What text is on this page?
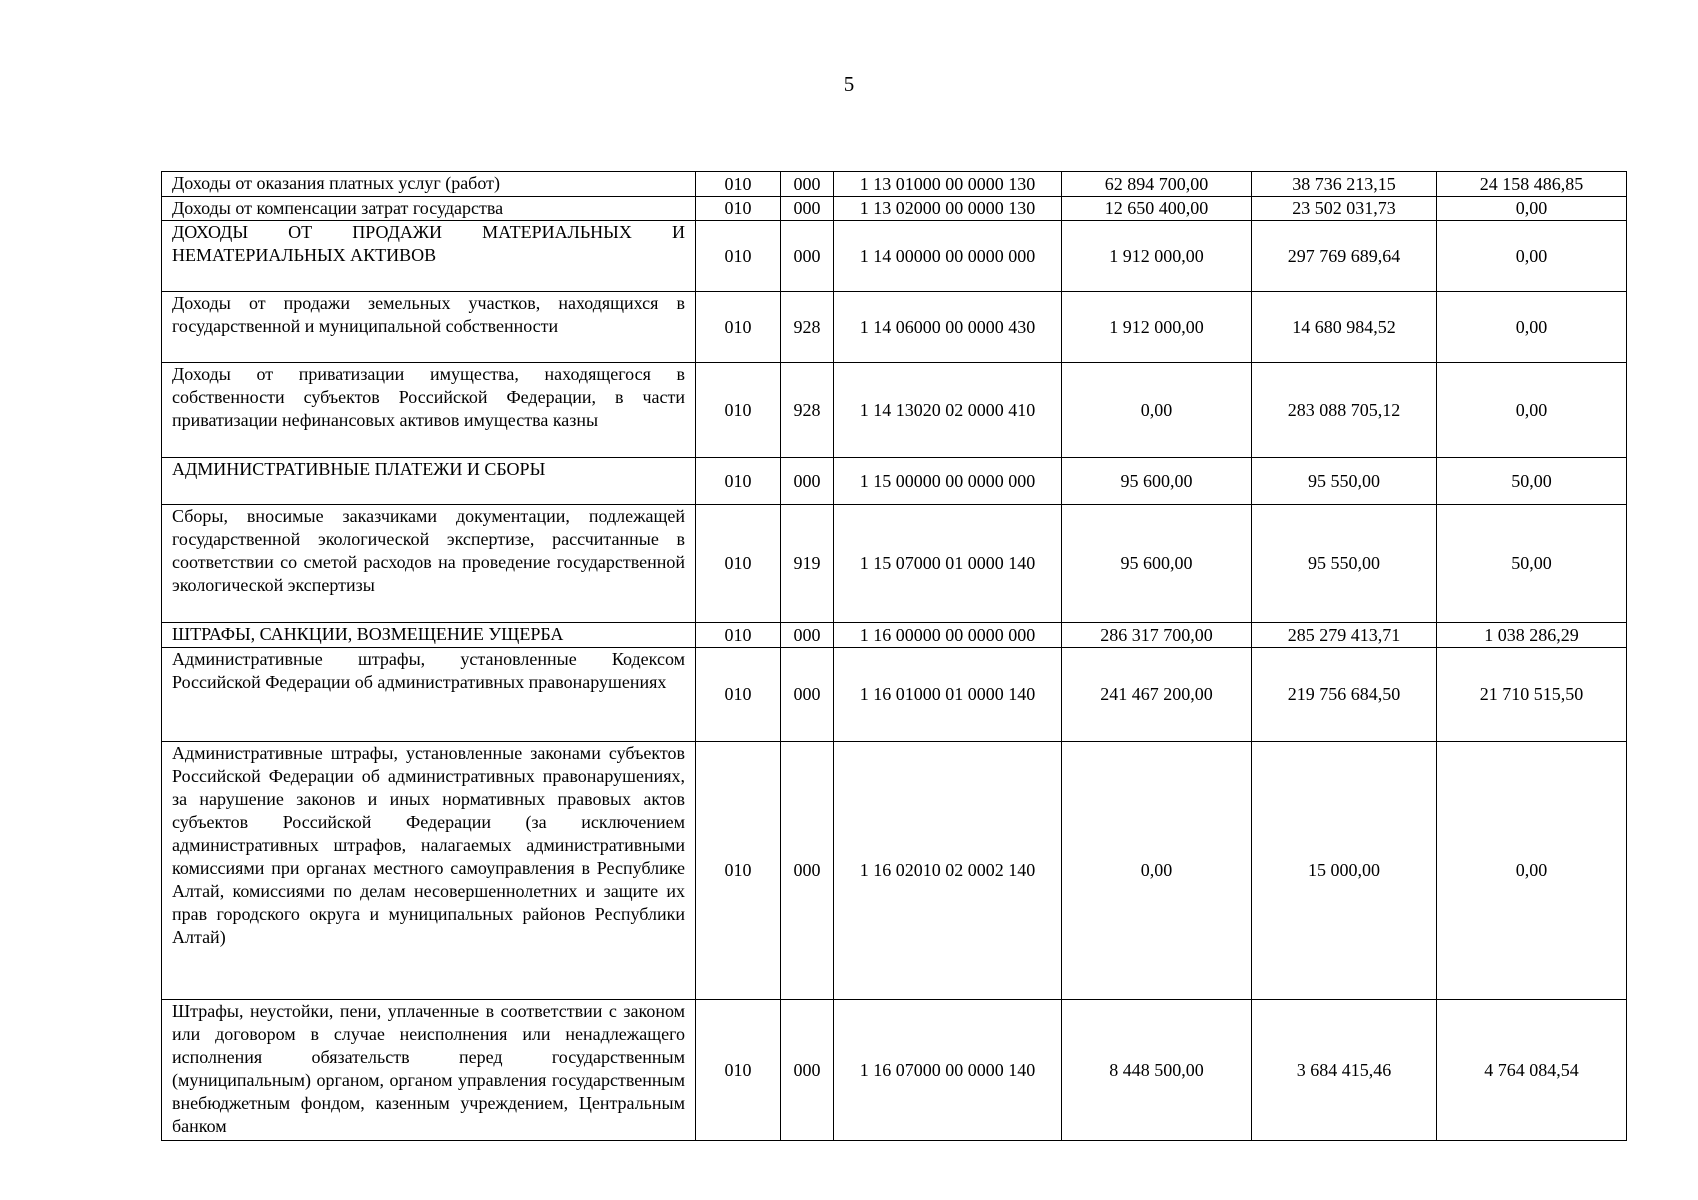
5
Доходы от оказания платных услуг (работ)	010	000	1 13 01000 00 0000 130	62 894 700,00	38 736 213,15	24 158 486,85
Доходы от компенсации затрат государства	010	000	1 13 02000 00 0000 130	12 650 400,00	23 502 031,73	0,00
ДОХОДЫ ОТ ПРОДАЖИ МАТЕРИАЛЬНЫХ И НЕМАТЕРИАЛЬНЫХ АКТИВОВ	010	000	1 14 00000 00 0000 000	1 912 000,00	297 769 689,64	0,00
Доходы от продажи земельных участков, находящихся в государственной и муниципальной собственности	010	928	1 14 06000 00 0000 430	1 912 000,00	14 680 984,52	0,00
Доходы от приватизации имущества, находящегося в собственности субъектов Российской Федерации, в части приватизации нефинансовых активов имущества казны	010	928	1 14 13020 02 0000 410	0,00	283 088 705,12	0,00
АДМИНИСТРАТИВНЫЕ ПЛАТЕЖИ И СБОРЫ	010	000	1 15 00000 00 0000 000	95 600,00	95 550,00	50,00
Сборы, вносимые заказчиками документации, подлежащей государственной экологической экспертизе, рассчитанные в соответствии со сметой расходов на проведение государственной экологической экспертизы	010	919	1 15 07000 01 0000 140	95 600,00	95 550,00	50,00
ШТРАФЫ, САНКЦИИ, ВОЗМЕЩЕНИЕ УЩЕРБА	010	000	1 16 00000 00 0000 000	286 317 700,00	285 279 413,71	1 038 286,29
Административные штрафы, установленные Кодексом Российской Федерации об административных правонарушениях	010	000	1 16 01000 01 0000 140	241 467 200,00	219 756 684,50	21 710 515,50
Административные штрафы, установленные законами субъектов Российской Федерации об административных правонарушениях, за нарушение законов и иных нормативных правовых актов субъектов Российской Федерации (за исключением административных штрафов, налагаемых административными комиссиями при органах местного самоуправления в Республике Алтай, комиссиями по делам несовершеннолетних и защите их прав городского округа и муниципальных районов Республики Алтай)	010	000	1 16 02010 02 0002 140	0,00	15 000,00	0,00
Штрафы, неустойки, пени, уплаченные в соответствии с законом или договором в случае неисполнения или ненадлежащего исполнения обязательств перед государственным (муниципальным) органом, органом управления государственным внебюджетным фондом, казенным учреждением, Центральным банком	010	000	1 16 07000 00 0000 140	8 448 500,00	3 684 415,46	4 764 084,54
